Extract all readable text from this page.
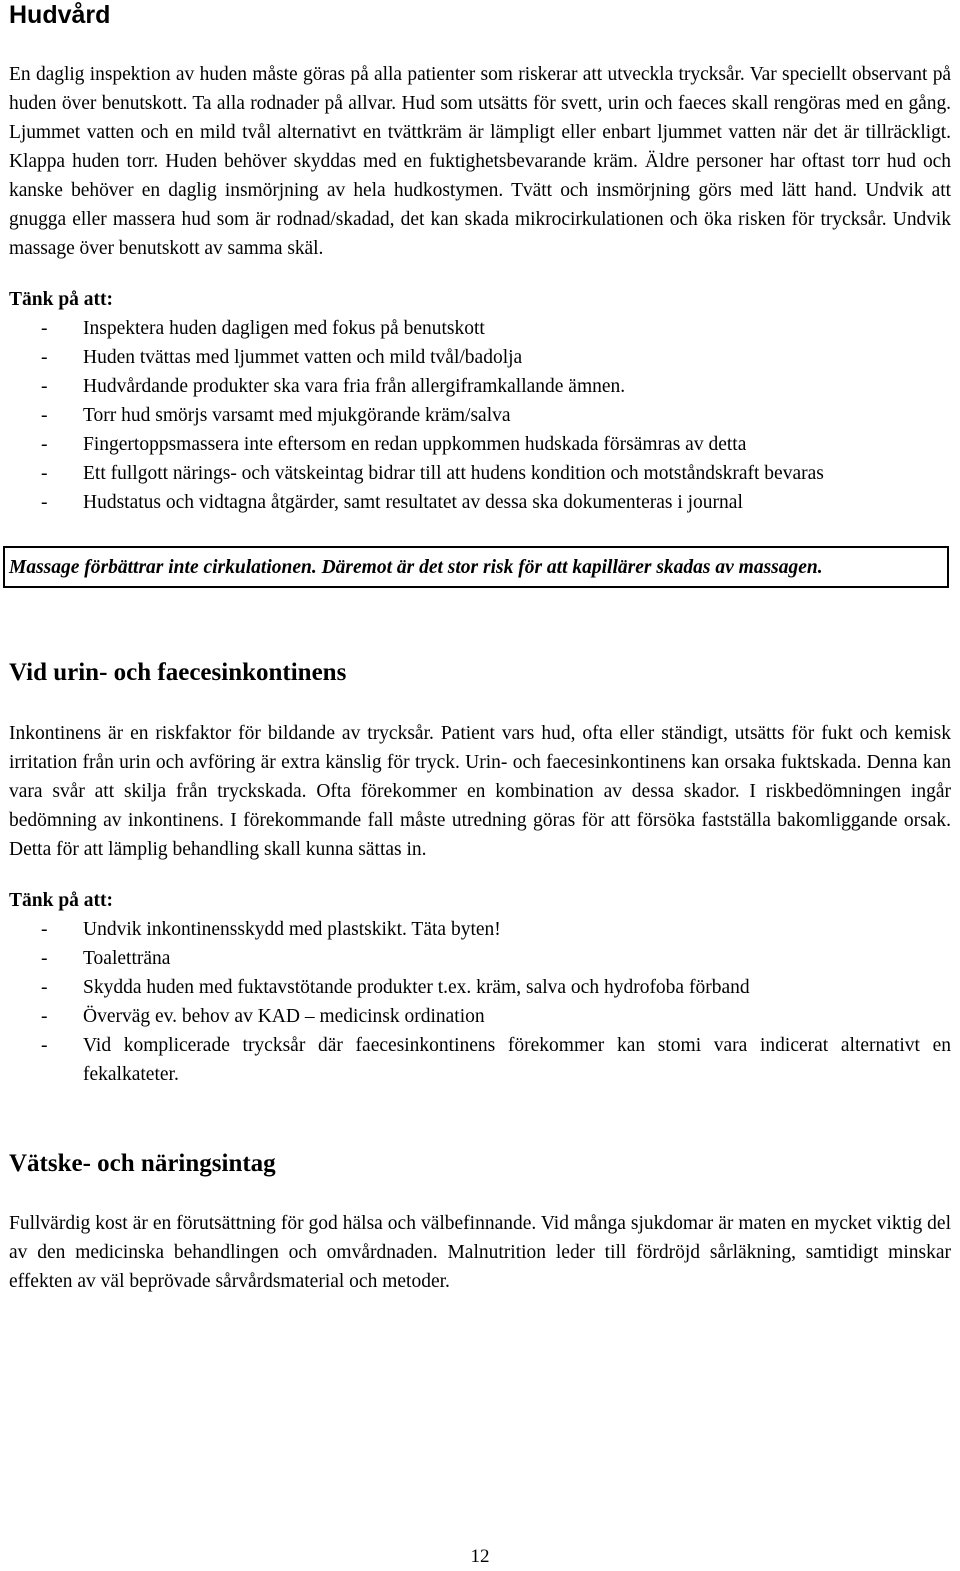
Hudvård

En daglig inspektion av huden måste göras på alla patienter som riskerar att utveckla trycksår. Var speciellt observant på huden över benutskott. Ta alla rodnader på allvar. Hud som utsätts för svett, urin och faeces skall rengöras med en gång. Ljummet vatten och en mild tvål alternativt en tvättkräm är lämpligt eller enbart ljummet vatten när det är tillräckligt. Klappa huden torr. Huden behöver skyddas med en fuktighetsbevarande kräm. Äldre personer har oftast torr hud och kanske behöver en daglig insmörjning av hela hudkostymen. Tvätt och insmörjning görs med lätt hand. Undvik att gnugga eller massera hud som är rodnad/skadad, det kan skada mikrocirkulationen och öka risken för trycksår. Undvik massage över benutskott av samma skäl.

Tänk på att:
- Inspektera huden dagligen med fokus på benutskott
- Huden tvättas med ljummet vatten och mild tvål/badolja
- Hudvårdande produkter ska vara fria från allergiframkallande ämnen.
- Torr hud smörjs varsamt med mjukgörande kräm/salva
- Fingertoppsmassera inte eftersom en redan uppkommen hudskada försämras av detta
- Ett fullgott närings- och vätskeintag bidrar till att hudens kondition och motståndskraft bevaras
- Hudstatus och vidtagna åtgärder, samt resultatet av dessa ska dokumenteras i journal
Massage förbättrar inte cirkulationen. Däremot är det stor risk för att kapillärer skadas av massagen.
Vid urin- och faecesinkontinens

Inkontinens är en riskfaktor för bildande av trycksår. Patient vars hud, ofta eller ständigt, utsätts för fukt och kemisk irritation från urin och avföring är extra känslig för tryck. Urin- och faecesinkontinens kan orsaka fuktskada. Denna kan vara svår att skilja från tryckskada. Ofta förekommer en kombination av dessa skador. I riskbedömningen ingår bedömning av inkontinens. I förekommande fall måste utredning göras för att försöka fastställa bakomliggande orsak. Detta för att lämplig behandling skall kunna sättas in.

Tänk på att:
- Undvik inkontinensskydd med plastskikt. Täta byten!
- Toaletträna
- Skydda huden med fuktavstötande produkter t.ex. kräm, salva och hydrofoba förband
- Överväg ev. behov av KAD – medicinsk ordination
- Vid komplicerade trycksår där faecesinkontinens förekommer kan stomi vara indicerat alternativt en fekalkateter.
Vätske- och näringsintag

Fullvärdig kost är en förutsättning för god hälsa och välbefinnande. Vid många sjukdomar är maten en mycket viktig del av den medicinska behandlingen och omvårdnaden. Malnutrition leder till fördröjd sårläkning, samtidigt minskar effekten av väl beprövade sårvårdsmaterial och metoder.

12
